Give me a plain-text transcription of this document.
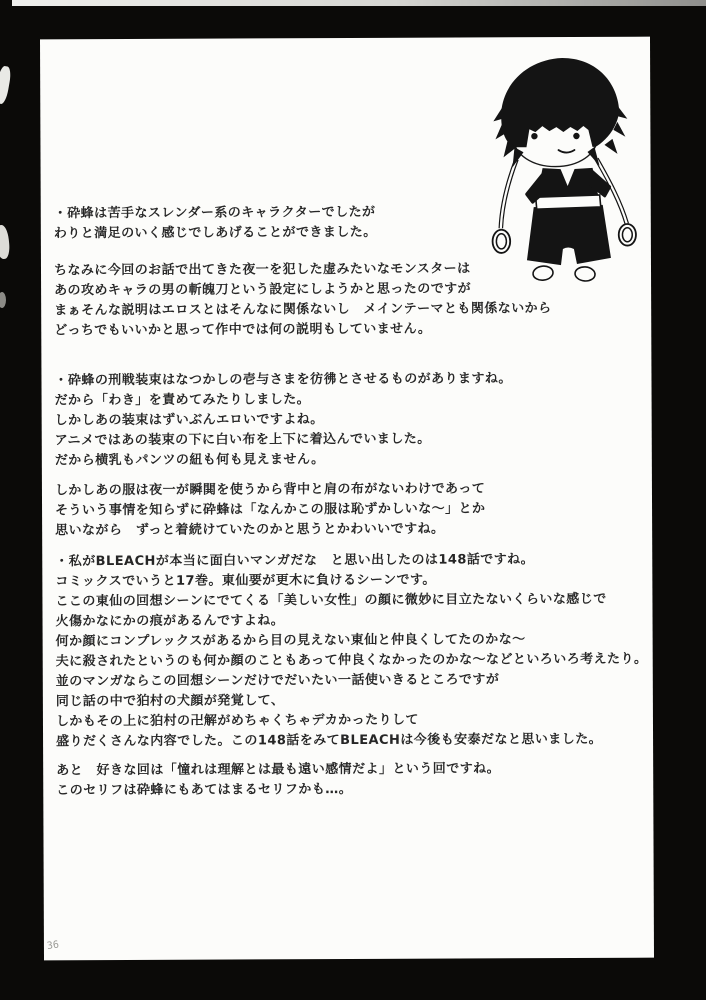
・砕蜂は苦手なスレンダー系のキャラクターでしたが
わりと満足のいく感じでしあげることができました。
ちなみに今回のお話で出てきた夜一を犯した虚みたいなモンスターは
あの攻めキャラの男の斬魄刀という設定にしようかと思ったのですが
まぁそんな説明はエロスとはそんなに関係ないし　メインテーマとも関係ないから
どっちでもいいかと思って作中では何の説明もしていません。
・砕蜂の刑戦装束はなつかしの壱与さまを彷彿とさせるものがありますね。
だから「わき」を責めてみたりしました。
しかしあの装束はずいぶんエロいですよね。
アニメではあの装束の下に白い布を上下に着込んでいました。
だから横乳もパンツの紐も何も見えません。
しかしあの服は夜一が瞬閧を使うから背中と肩の布がないわけであって
そういう事情を知らずに砕蜂は「なんかこの服は恥ずかしいな～」とか
思いながら　ずっと着続けていたのかと思うとかわいいですね。
・私がBLEACHが本当に面白いマンガだな　と思い出したのは148話ですね。
コミックスでいうと17巻。東仙要が更木に負けるシーンです。
ここの東仙の回想シーンにでてくる「美しい女性」の顔に微妙に目立たないくらいな感じで
火傷かなにかの痕があるんですよね。
何か顔にコンプレックスがあるから目の見えない東仙と仲良くしてたのかな～
夫に殺されたというのも何か顔のこともあって仲良くなかったのかな～などといろいろ考えたり。
並のマンガならこの回想シーンだけでだいたい一話使いきるところですが
同じ話の中で狛村の犬顔が発覚して、
しかもその上に狛村の卍解がめちゃくちゃデカかったりして
盛りだくさんな内容でした。この148話をみてBLEACHは今後も安泰だなと思いました。
あと　好きな回は「憧れは理解とは最も遠い感情だよ」という回ですね。
このセリフは砕蜂にもあてはまるセリフかも…。
36
